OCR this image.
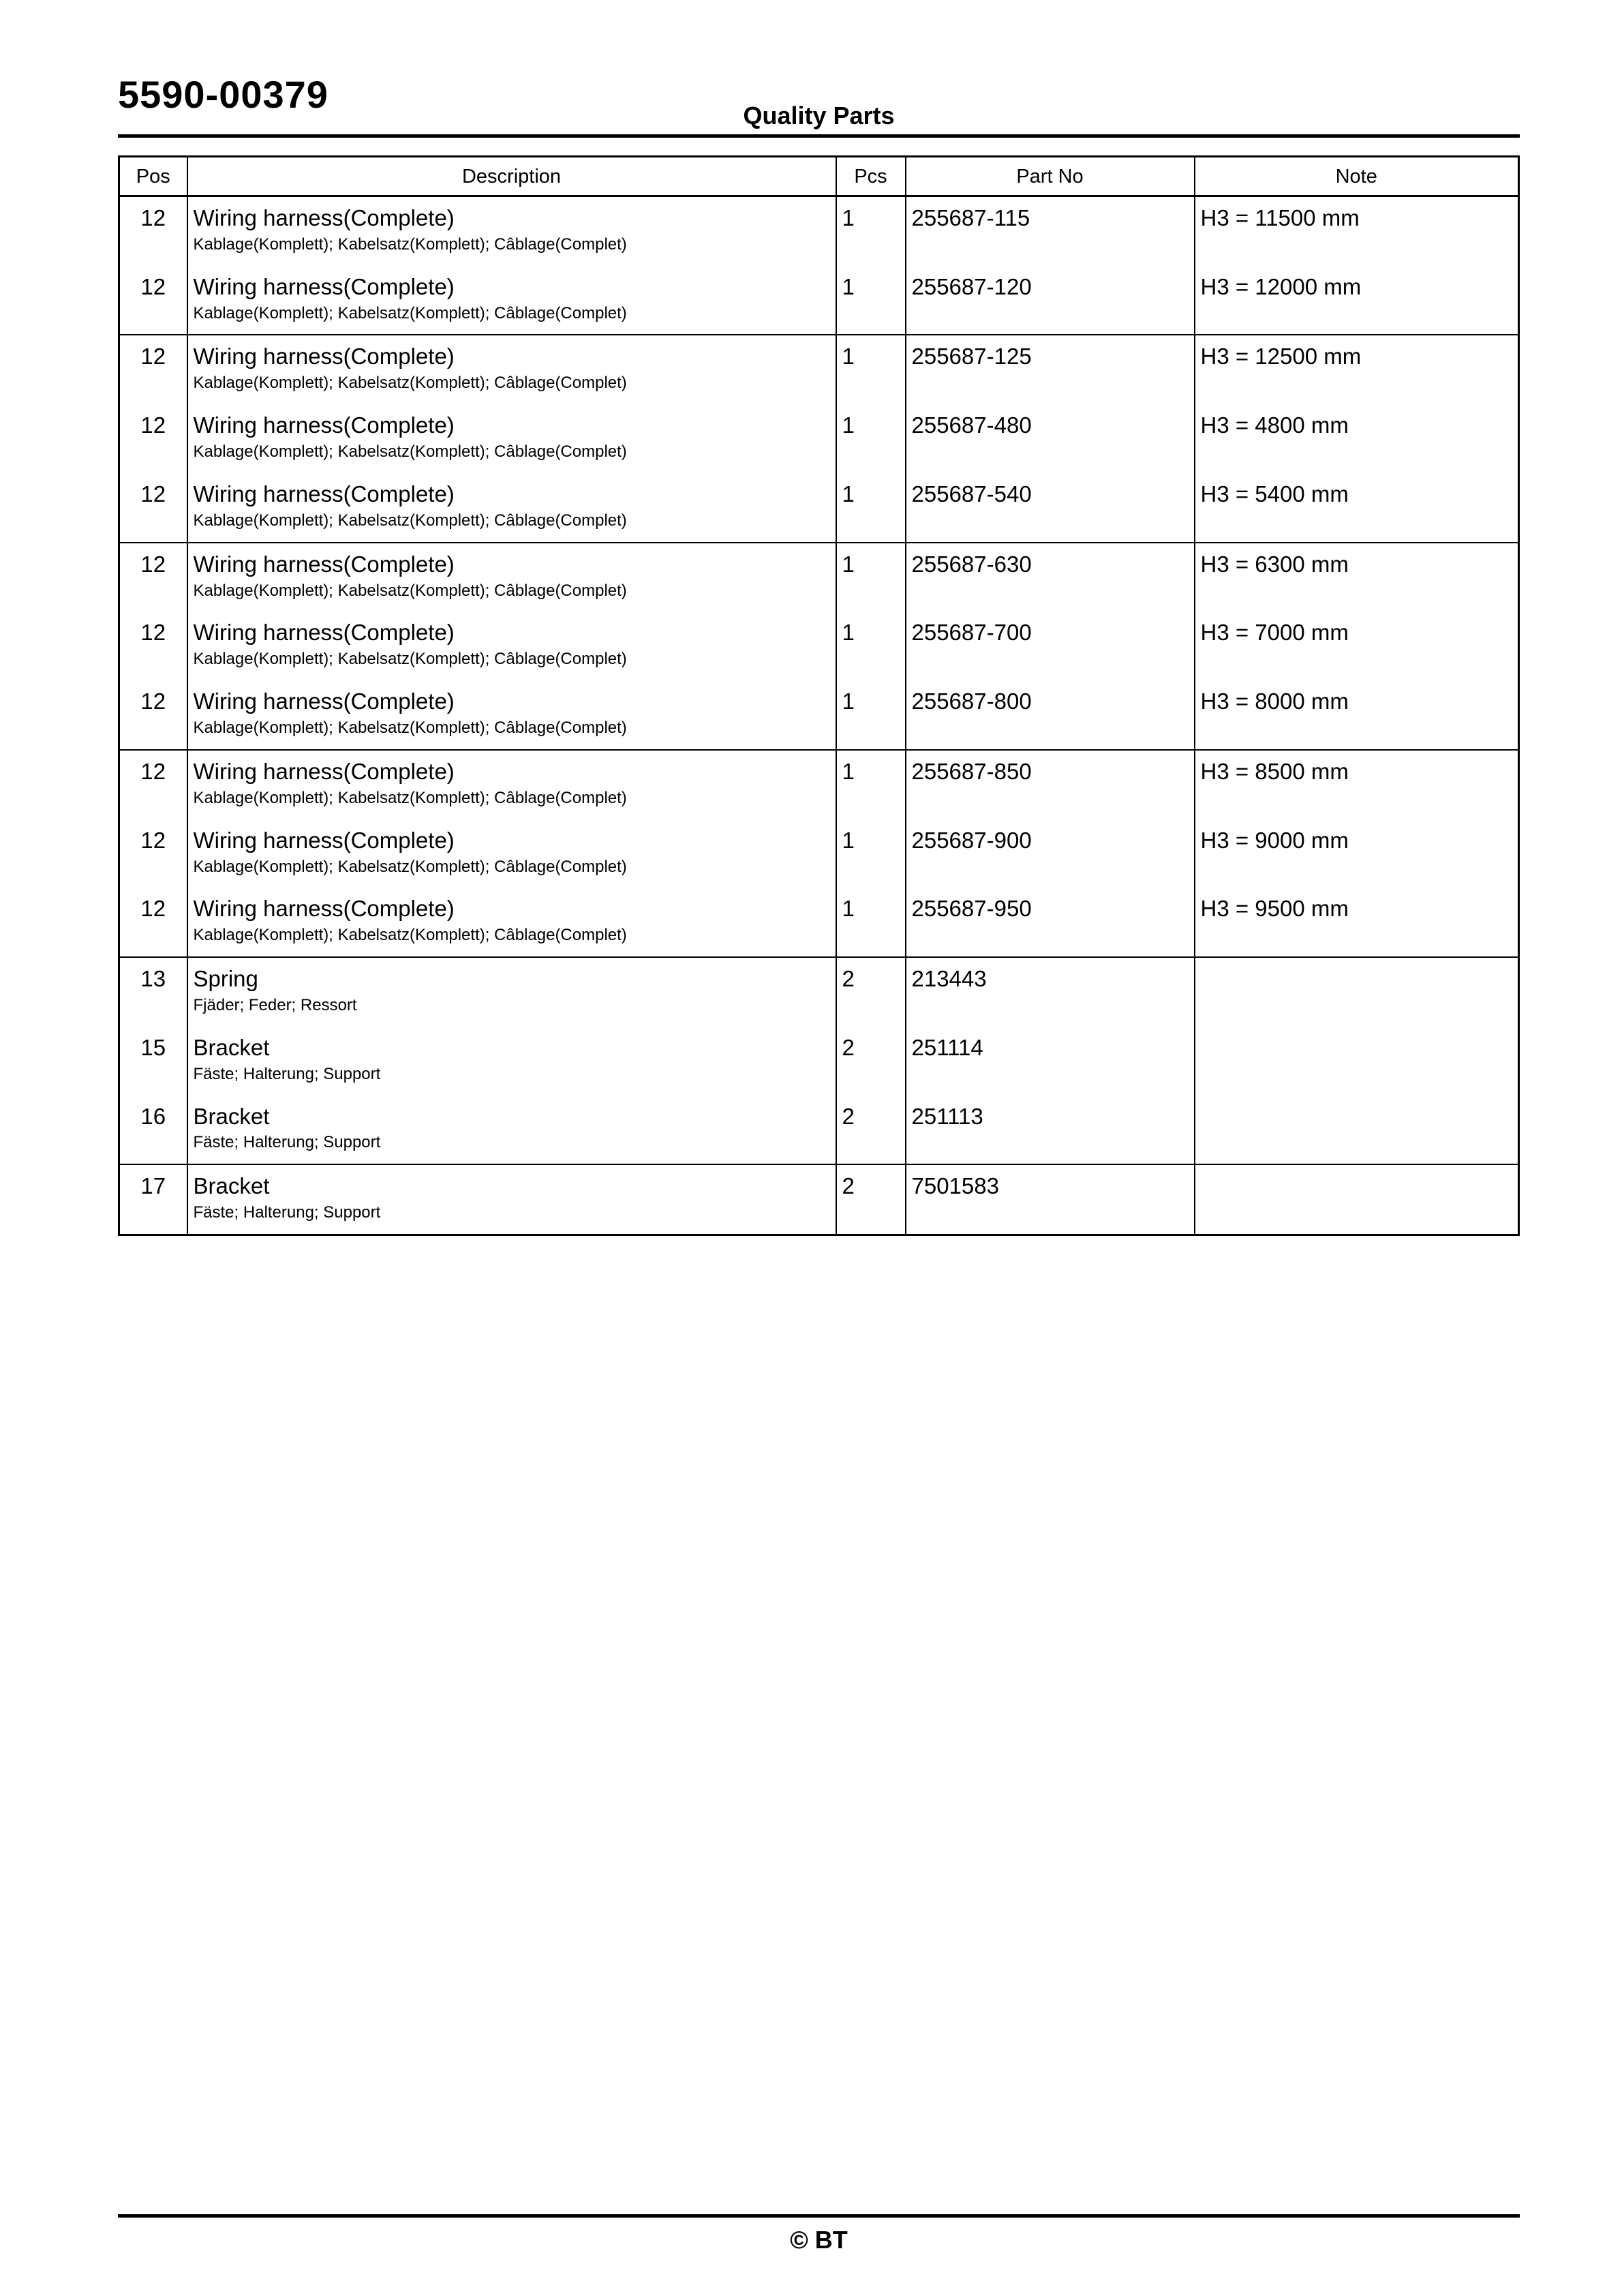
5590-00379	Quality Parts
Pos	Description	Pcs	Part No	Note
12	Wiring harness(Complete)
Kablage(Komplett); Kabelsatz(Komplett); Câblage(Complet)	1	255687-115	H3 = 11500 mm
12	Wiring harness(Complete)
Kablage(Komplett); Kabelsatz(Komplett); Câblage(Complet)	1	255687-120	H3 = 12000 mm
12	Wiring harness(Complete)
Kablage(Komplett); Kabelsatz(Komplett); Câblage(Complet)	1	255687-125	H3 = 12500 mm
12	Wiring harness(Complete)
Kablage(Komplett); Kabelsatz(Komplett); Câblage(Complet)	1	255687-480	H3 = 4800 mm
12	Wiring harness(Complete)
Kablage(Komplett); Kabelsatz(Komplett); Câblage(Complet)	1	255687-540	H3 = 5400 mm
12	Wiring harness(Complete)
Kablage(Komplett); Kabelsatz(Komplett); Câblage(Complet)	1	255687-630	H3 = 6300 mm
12	Wiring harness(Complete)
Kablage(Komplett); Kabelsatz(Komplett); Câblage(Complet)	1	255687-700	H3 = 7000 mm
12	Wiring harness(Complete)
Kablage(Komplett); Kabelsatz(Komplett); Câblage(Complet)	1	255687-800	H3 = 8000 mm
12	Wiring harness(Complete)
Kablage(Komplett); Kabelsatz(Komplett); Câblage(Complet)	1	255687-850	H3 = 8500 mm
12	Wiring harness(Complete)
Kablage(Komplett); Kabelsatz(Komplett); Câblage(Complet)	1	255687-900	H3 = 9000 mm
12	Wiring harness(Complete)
Kablage(Komplett); Kabelsatz(Komplett); Câblage(Complet)	1	255687-950	H3 = 9500 mm
13	Spring
Fjäder; Feder; Ressort	2	213443	
15	Bracket
Fäste; Halterung; Support	2	251114	
16	Bracket
Fäste; Halterung; Support	2	251113	
17	Bracket
Fäste; Halterung; Support	2	7501583	
© BT
